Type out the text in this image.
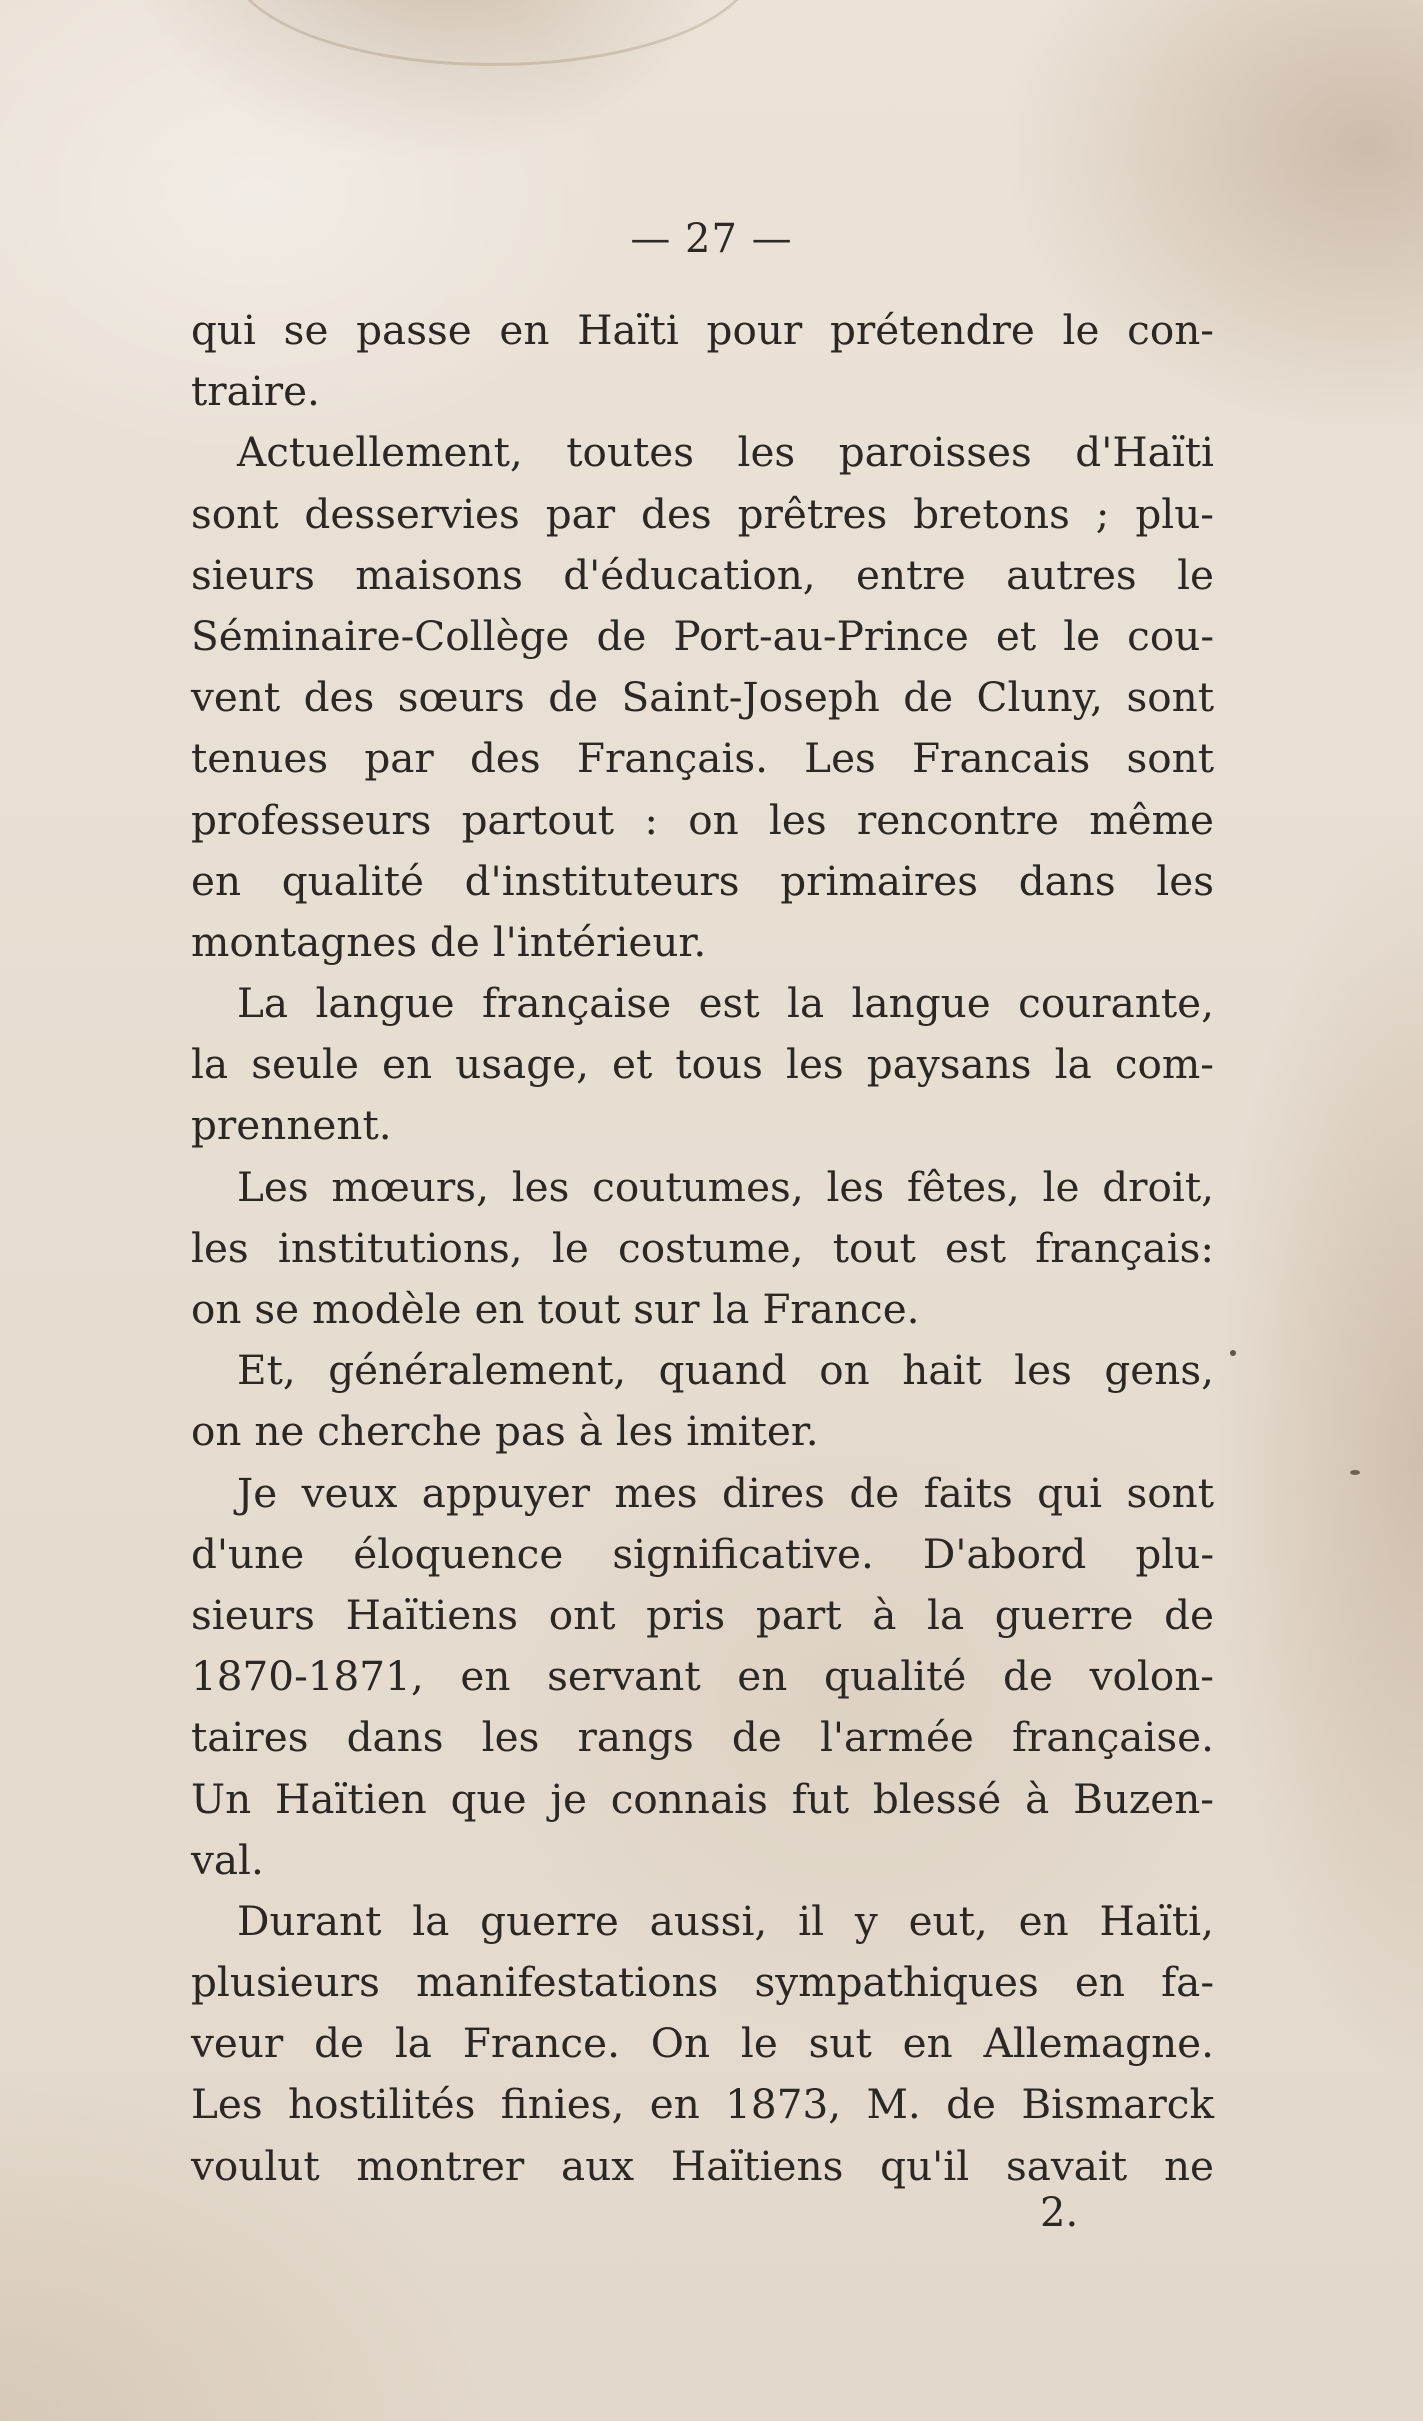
— 27 —
qui se passe en Haïti pour prétendre le con-
traire.
Actuellement, toutes les paroisses d'Haïti
sont desservies par des prêtres bretons ; plu-
sieurs maisons d'éducation, entre autres le
Séminaire-Collège de Port-au-Prince et le cou-
vent des sœurs de Saint-Joseph de Cluny, sont
tenues par des Français. Les Francais sont
professeurs partout : on les rencontre même
en qualité d'instituteurs primaires dans les
montagnes de l'intérieur.
La langue française est la langue courante,
la seule en usage, et tous les paysans la com-
prennent.
Les mœurs, les coutumes, les fêtes, le droit,
les institutions, le costume, tout est français:
on se modèle en tout sur la France.
Et, généralement, quand on hait les gens,
on ne cherche pas à les imiter.
Je veux appuyer mes dires de faits qui sont
d'une éloquence significative. D'abord plu-
sieurs Haïtiens ont pris part à la guerre de
1870-1871, en servant en qualité de volon-
taires dans les rangs de l'armée française.
Un Haïtien que je connais fut blessé à Buzen-
val.
Durant la guerre aussi, il y eut, en Haïti,
plusieurs manifestations sympathiques en fa-
veur de la France. On le sut en Allemagne.
Les hostilités finies, en 1873, M. de Bismarck
voulut montrer aux Haïtiens qu'il savait ne
2.
